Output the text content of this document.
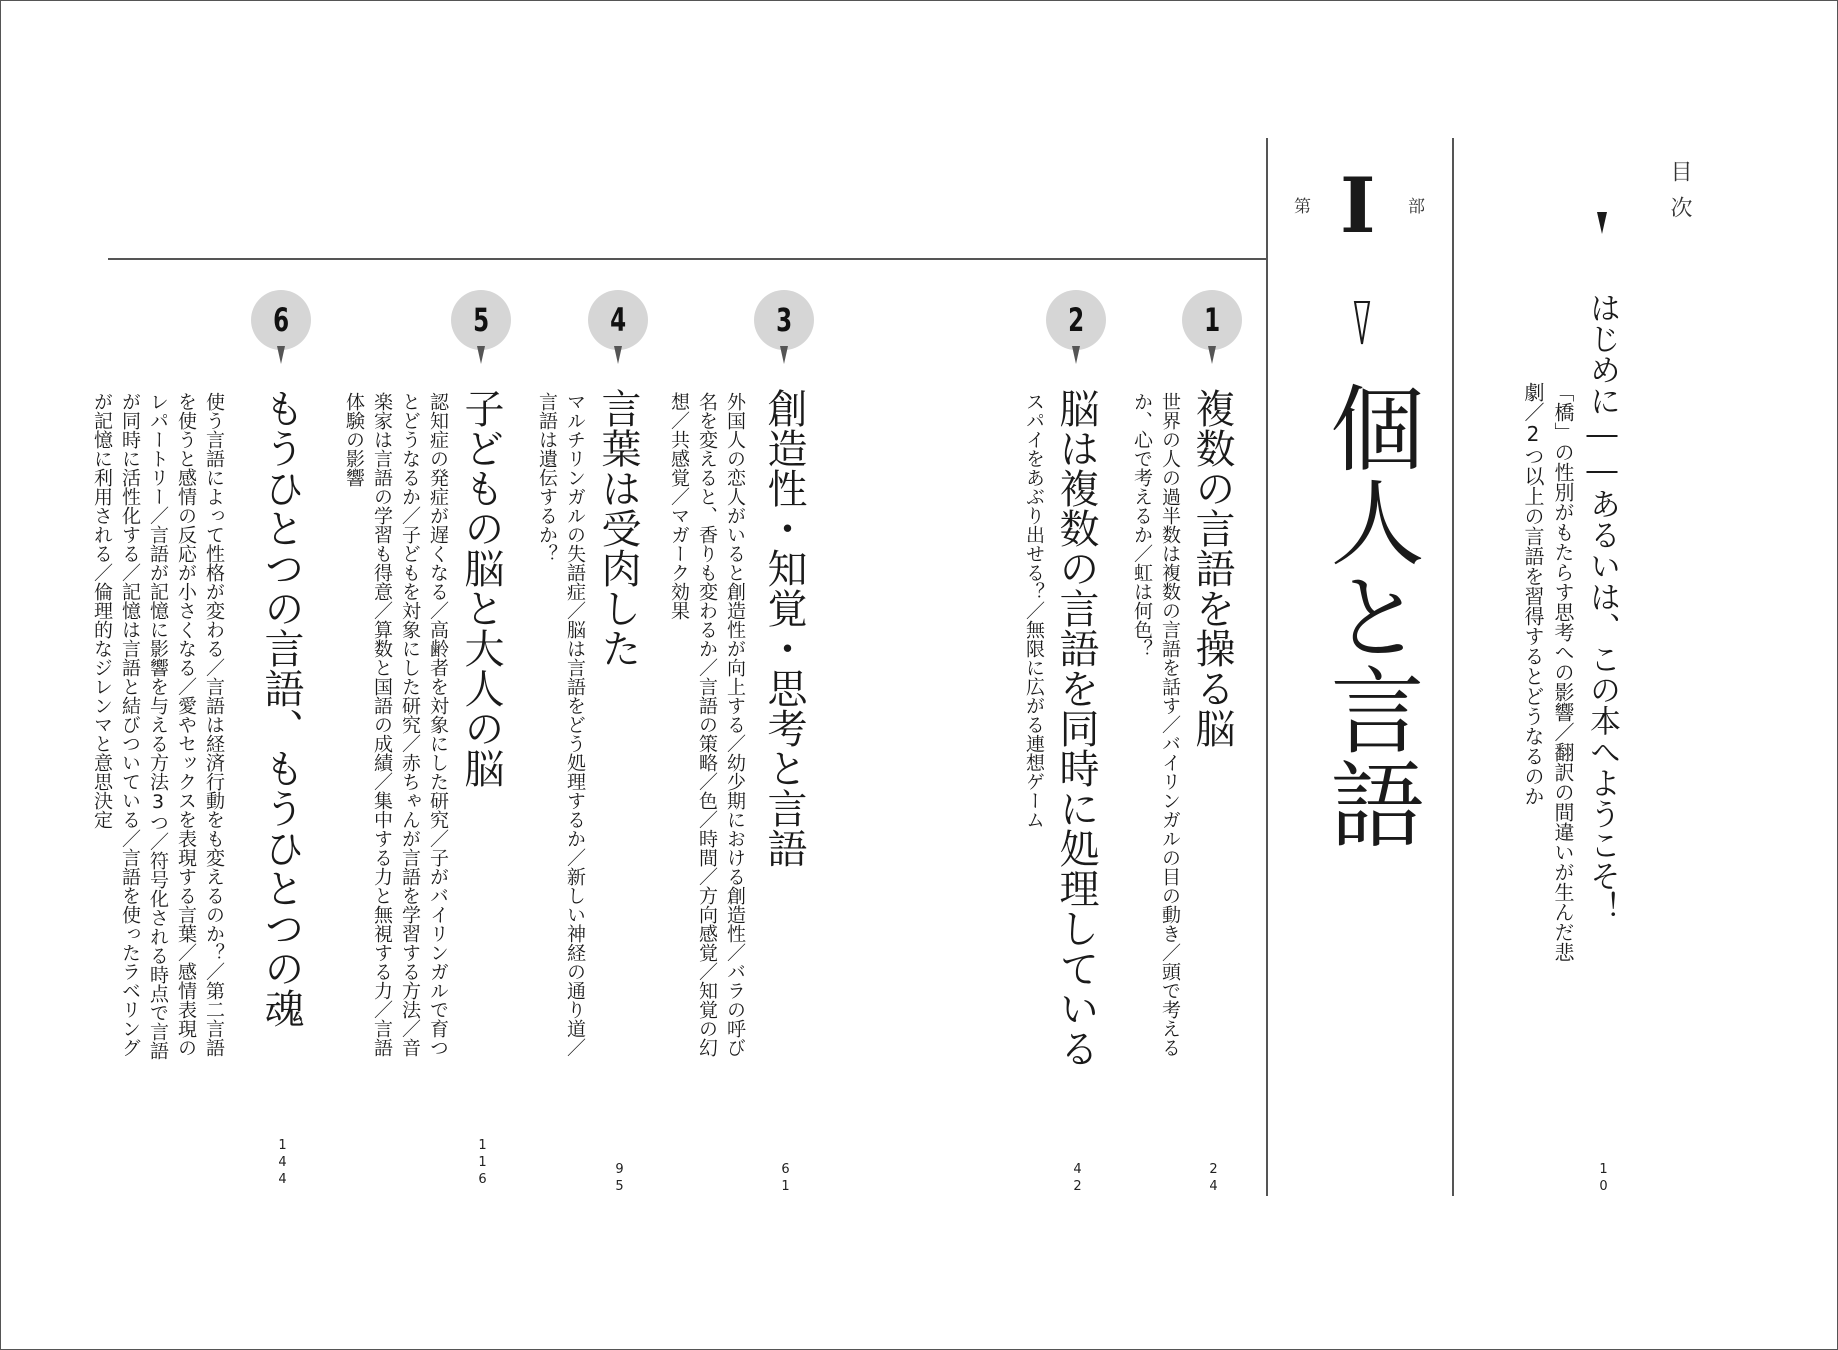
目次
はじめに――あるいは、この本へようこそ！
「橋」の性別がもたらす思考への影響／翻訳の間違いが生んだ悲劇／2つ以上の言語を習得するとどうなるのか
10
第 I 部
個人と言語
1
複数の言語を操る脳
世界の人の過半数は複数の言語を話す／バイリンガルの目の動き／頭で考えるか、心で考えるか／虹は何色？
24
2
脳は複数の言語を同時に処理している
スパイをあぶり出せる？／無限に広がる連想ゲーム
42
3
創造性・知覚・思考と言語
外国人の恋人がいると創造性が向上する／幼少期における創造性／バラの呼び名を変えると、香りも変わるか／言語の策略／色／時間／方向感覚／知覚の幻想／共感覚／マガーク効果
61
4
言葉は受肉した
マルチリンガルの失語症／脳は言語をどう処理するか／新しい神経の通り道／言語は遺伝するか？
95
5
子どもの脳と大人の脳
認知症の発症が遅くなる／高齢者を対象にした研究／子がバイリンガルで育つとどうなるか／子どもを対象にした研究／赤ちゃんが言語を学習する方法／音楽家は言語の学習も得意／算数と国語の成績／集中する力と無視する力／言語体験の影響
116
6
もうひとつの言語、もうひとつの魂
使う言語によって性格が変わる／言語は経済行動をも変えるのか？／第二言語を使うと感情の反応が小さくなる／愛やセックスを表現する言葉／感情表現のレパートリー／言語が記憶に影響を与える方法3つ／符号化される時点で言語が同時に活性化する／記憶は言語と結びついている／言語を使ったラベリングが記憶に利用される／倫理的なジレンマと意思決定
144
